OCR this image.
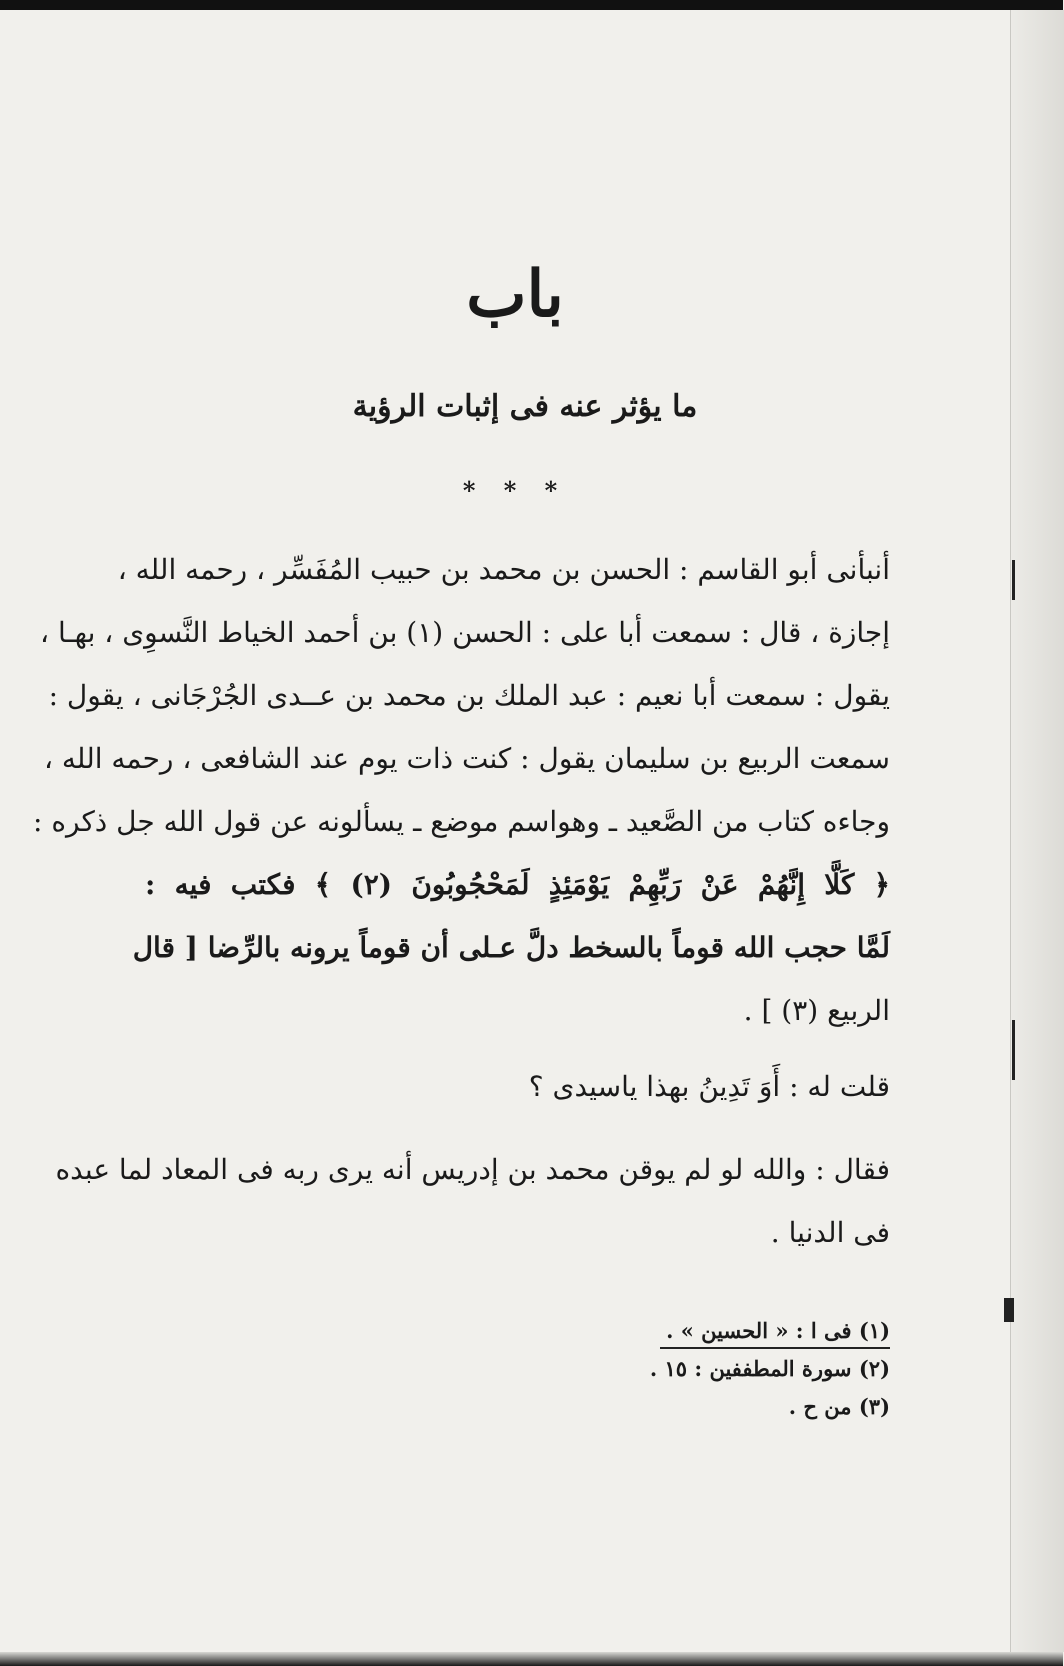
باب
ما يؤثر عنه فى إثبات الرؤية
* * *
أنبأنى أبو القاسم : الحسن بن محمد بن حبيب المُفَسِّر ، رحمه الله ،
إجازة ، قال : سمعت أبا على : الحسن (١) بن أحمد الخياط النَّسوِى ، بهـا ،
يقول : سمعت أبا نعيم : عبد الملك بن محمد بن عــدى الجُرْجَانى ، يقول :
سمعت الربيع بن سليمان يقول : كنت ذات يوم عند الشافعى ، رحمه الله ،
وجاءه كتاب من الصَّعيد ـ وهواسم موضع ـ يسألونه عن قول الله جل ذكره :
﴿ كَلَّا إِنَّهُمْ عَنْ رَبِّهِمْ يَوْمَئِذٍ لَمَحْجُوبُونَ (٢) ﴾ فكتب فيه :
لَمَّا حجب الله قوماً بالسخط دلَّ عـلى أن قوماً يرونه بالرِّضا [ قال
الربيع (٣) ] .
قلت له : أَوَ تَدِينُ بهذا ياسيدى ؟
فقال : والله لو لم يوقن محمد بن إدريس أنه يرى ربه فى المعاد لما عبده
فى الدنيا .
(١) فى ا : « الحسين » .
(٢) سورة المطففين : ١٥ .
(٣) من ح .
